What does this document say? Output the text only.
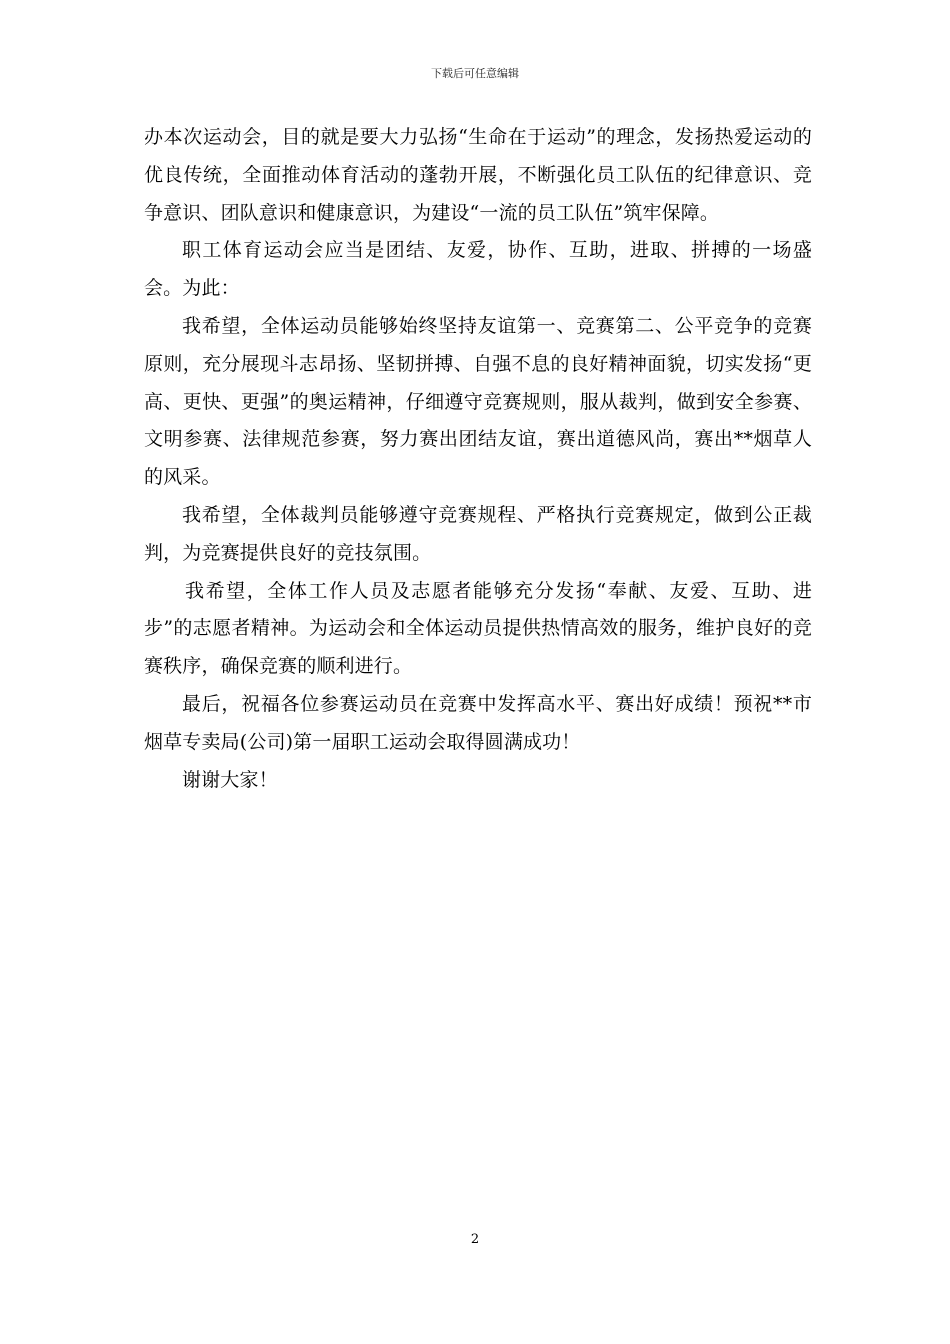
下载后可任意编辑

办本次运动会，目的就是要大力弘扬“生命在于运动”的理念，发扬热爱运动的优良传统，全面推动体育活动的蓬勃开展，不断强化员工队伍的纪律意识、竞争意识、团队意识和健康意识，为建设“一流的员工队伍”筑牢保障。

职工体育运动会应当是团结、友爱，协作、互助，进取、拼搏的一场盛会。为此：

我希望，全体运动员能够始终坚持友谊第一、竞赛第二、公平竞争的竞赛原则，充分展现斗志昂扬、坚韧拼搏、自强不息的良好精神面貌，切实发扬“更高、更快、更强”的奥运精神，仔细遵守竞赛规则，服从裁判，做到安全参赛、文明参赛、法律规范参赛，努力赛出团结友谊，赛出道德风尚，赛出**烟草人的风采。

我希望，全体裁判员能够遵守竞赛规程、严格执行竞赛规定，做到公正裁判，为竞赛提供良好的竞技氛围。

我希望，全体工作人员及志愿者能够充分发扬“奉献、友爱、互助、进步”的志愿者精神。为运动会和全体运动员提供热情高效的服务，维护良好的竞赛秩序，确保竞赛的顺利进行。

最后，祝福各位参赛运动员在竞赛中发挥高水平、赛出好成绩！预祝**市烟草专卖局(公司)第一届职工运动会取得圆满成功！

谢谢大家！

2
